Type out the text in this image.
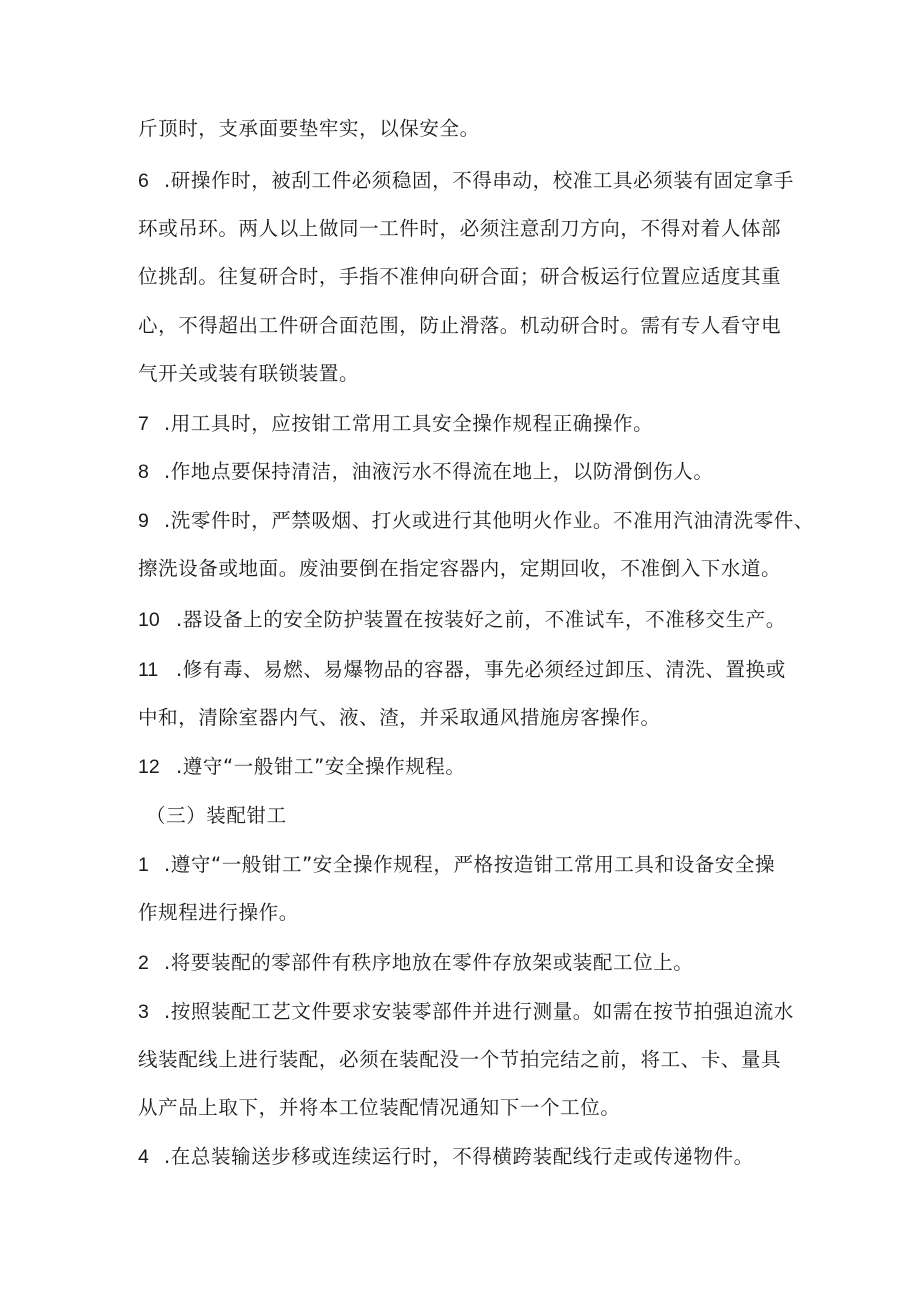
斤顶时，支承面要垫牢实，以保安全。
6 .研操作时，被刮工件必须稳固，不得串动，校准工具必须装有固定拿手
环或吊环。两人以上做同一工件时，必须注意刮刀方向，不得对着人体部
位挑刮。往复研合时，手指不准伸向研合面；研合板运行位置应适度其重
心，不得超出工件研合面范围，防止滑落。机动研合时。需有专人看守电
气开关或装有联锁装置。
7 .用工具时，应按钳工常用工具安全操作规程正确操作。
8 .作地点要保持清洁，油液污水不得流在地上，以防滑倒伤人。
9 .洗零件时，严禁吸烟、打火或进行其他明火作业。不准用汽油清洗零件、
擦洗设备或地面。废油要倒在指定容器内，定期回收，不准倒入下水道。
10 .器设备上的安全防护装置在按装好之前，不准试车，不准移交生产。
11 .修有毒、易燃、易爆物品的容器，事先必须经过卸压、清洗、置换或
中和，清除室器内气、液、渣，并采取通风措施房客操作。
12 .遵守“一般钳工”安全操作规程。
（三）装配钳工
1 .遵守“一般钳工”安全操作规程，严格按造钳工常用工具和设备安全操
作规程进行操作。
2 .将要装配的零部件有秩序地放在零件存放架或装配工位上。
3 .按照装配工艺文件要求安装零部件并进行测量。如需在按节拍强迫流水
线装配线上进行装配，必须在装配没一个节拍完结之前，将工、卡、量具
从产品上取下，并将本工位装配情况通知下一个工位。
4 .在总装输送步移或连续运行时，不得横跨装配线行走或传递物件。
